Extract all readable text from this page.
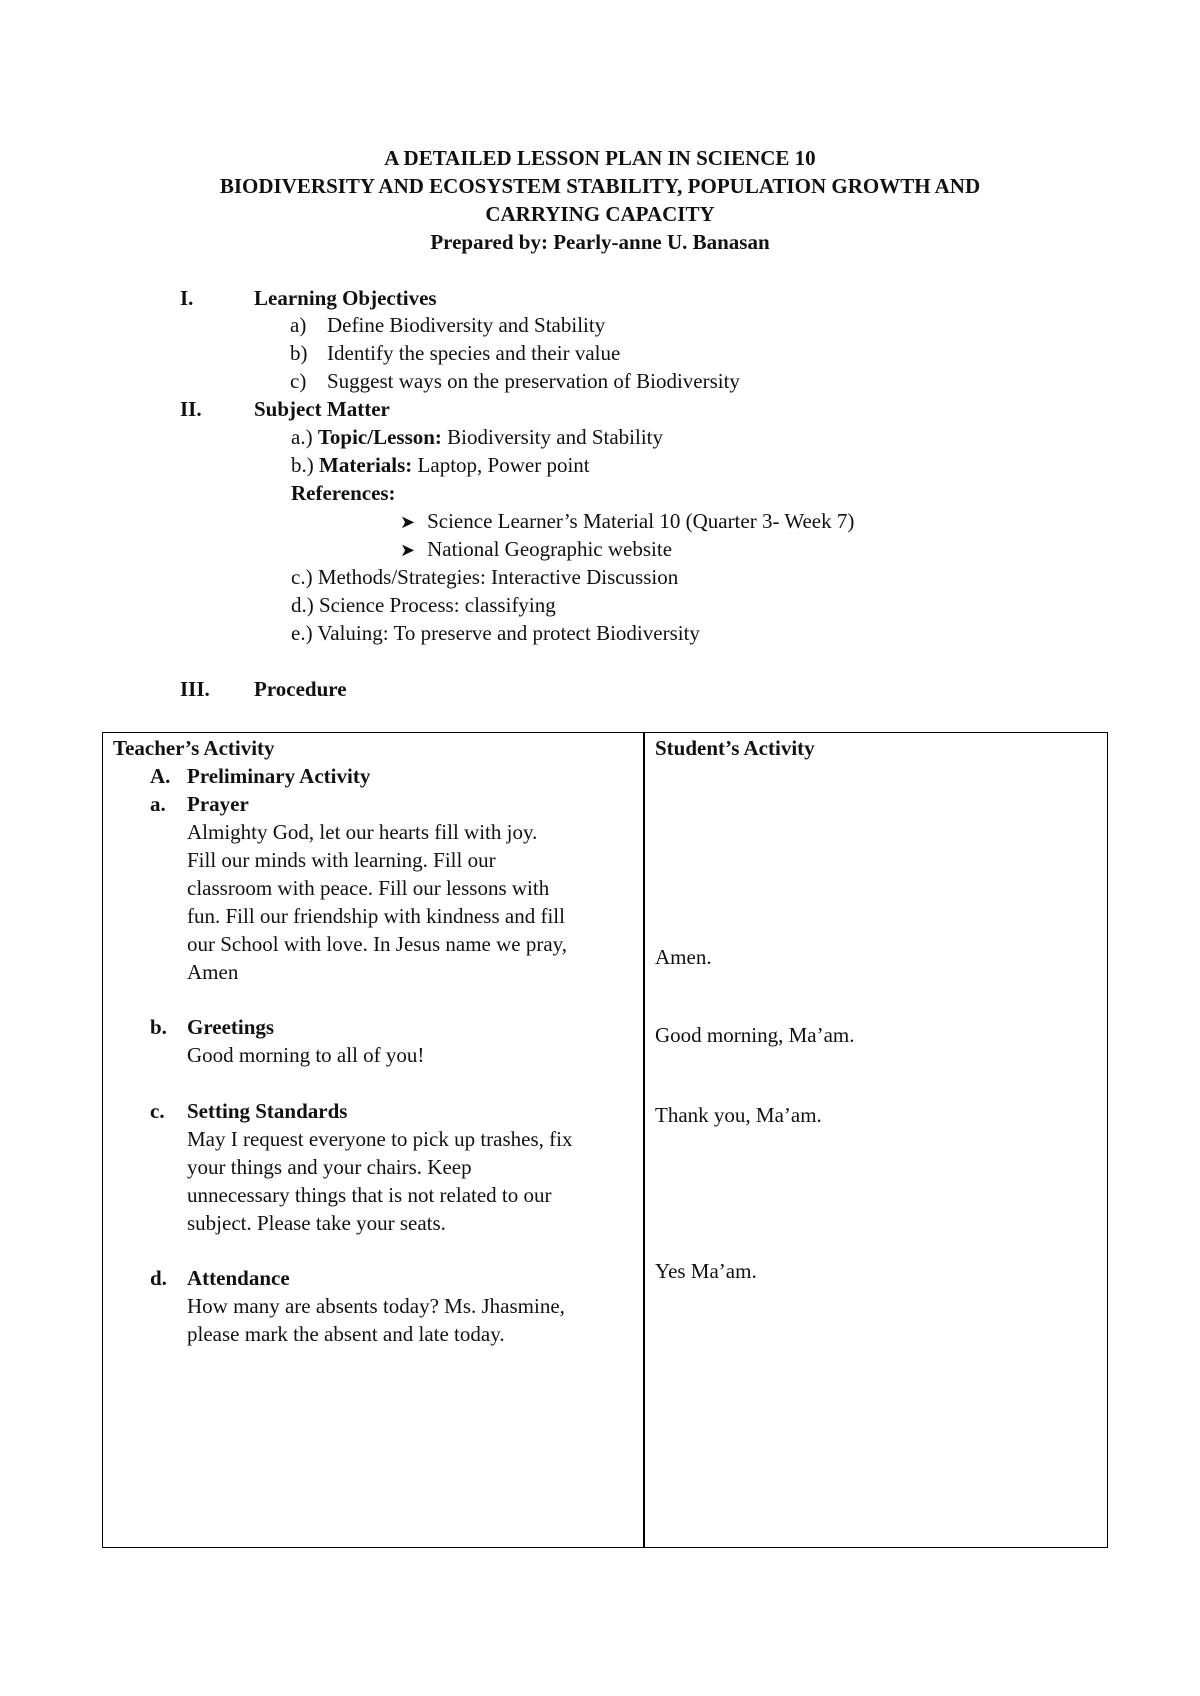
A DETAILED LESSON PLAN IN SCIENCE 10
BIODIVERSITY AND ECOSYSTEM STABILITY, POPULATION GROWTH AND
CARRYING CAPACITY
Prepared by: Pearly-anne U. Banasan
I.	Learning Objectives
a) Define Biodiversity and Stability
b) Identify the species and their value
c) Suggest ways on the preservation of Biodiversity
II. Subject Matter
a.) Topic/Lesson: Biodiversity and Stability
b.) Materials: Laptop, Power point
References:
➤ Science Learner’s Material 10 (Quarter 3- Week 7)
➤ National Geographic website
c.) Methods/Strategies: Interactive Discussion
d.) Science Process: classifying
e.) Valuing: To preserve and protect Biodiversity
III. Procedure
Teacher’s Activity	Student’s Activity
A. Preliminary Activity
a. Prayer
Almighty God, let our hearts fill with joy.
Fill our minds with learning. Fill our
classroom with peace. Fill our lessons with
fun. Fill our friendship with kindness and fill
our School with love. In Jesus name we pray,
Amen
Amen.
b. Greetings
Good morning to all of you!
Good morning, Ma’am.
c. Setting Standards
May I request everyone to pick up trashes, fix
your things and your chairs. Keep
unnecessary things that is not related to our
subject. Please take your seats.
Thank you, Ma’am.
d. Attendance
How many are absents today? Ms. Jhasmine,
please mark the absent and late today.
Yes Ma’am.
